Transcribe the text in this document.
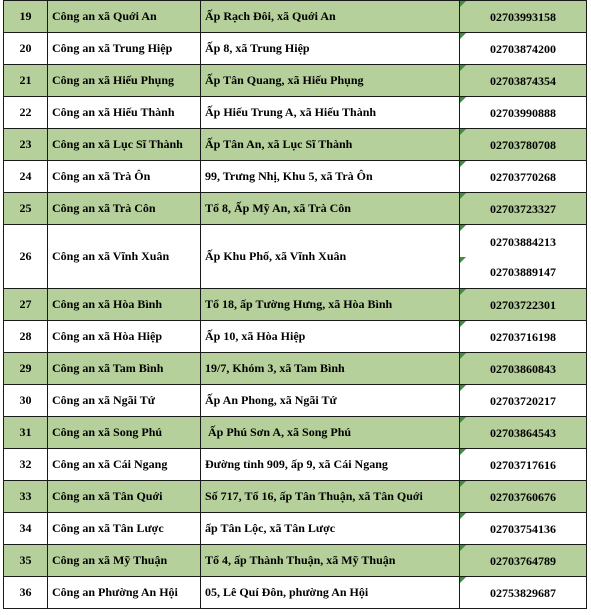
19	Công an xã Quới An	Ấp Rạch Đôi, xã Quới An	02703993158

20	Công an xã Trung Hiệp	Ấp 8, xã Trung Hiệp	02703874200

21	Công an xã Hiếu Phụng	Ấp Tân Quang, xã Hiếu Phụng	02703874354

22	Công an xã Hiếu Thành	Ấp Hiếu Trung A, xã Hiếu Thành	02703990888

23	Công an xã Lục Sĩ Thành	Ấp Tân An, xã Lục Sĩ Thành	02703780708

24	Công an xã Trà Ôn	99, Trưng Nhị, Khu 5, xã Trà Ôn	02703770268

25	Công an xã Trà Côn	Tổ 8, Ấp Mỹ An, xã Trà Côn	02703723327

26	Công an xã Vĩnh Xuân	Ấp Khu Phố, xã Vĩnh Xuân	02703884213
02703889147

27	Công an xã Hòa Bình	Tổ 18, ấp Tường Hưng, xã Hòa Bình	02703722301

28	Công an xã Hòa Hiệp	Ấp 10, xã Hòa Hiệp	02703716198

29	Công an xã Tam Bình	19/7, Khóm 3, xã Tam Bình	02703860843

30	Công an xã Ngãi Tứ	Ấp An Phong, xã Ngãi Tứ	02703720217

31	Công an xã Song Phú	Ấp Phú Sơn A, xã Song Phú	02703864543

32	Công an xã Cái Ngang	Đường tỉnh 909, ấp 9, xã Cái Ngang	02703717616

33	Công an xã Tân Quới	Số 717, Tổ 16, ấp Tân Thuận, xã Tân Quới	02703760676

34	Công an xã Tân Lược	ấp Tân Lộc, xã Tân Lược	02703754136

35	Công an xã Mỹ Thuận	Tổ 4, ấp Thành Thuận, xã Mỹ Thuận	02703764789

36	Công an Phường An Hội	05, Lê Quí Đôn, phường An Hội	02753829687
